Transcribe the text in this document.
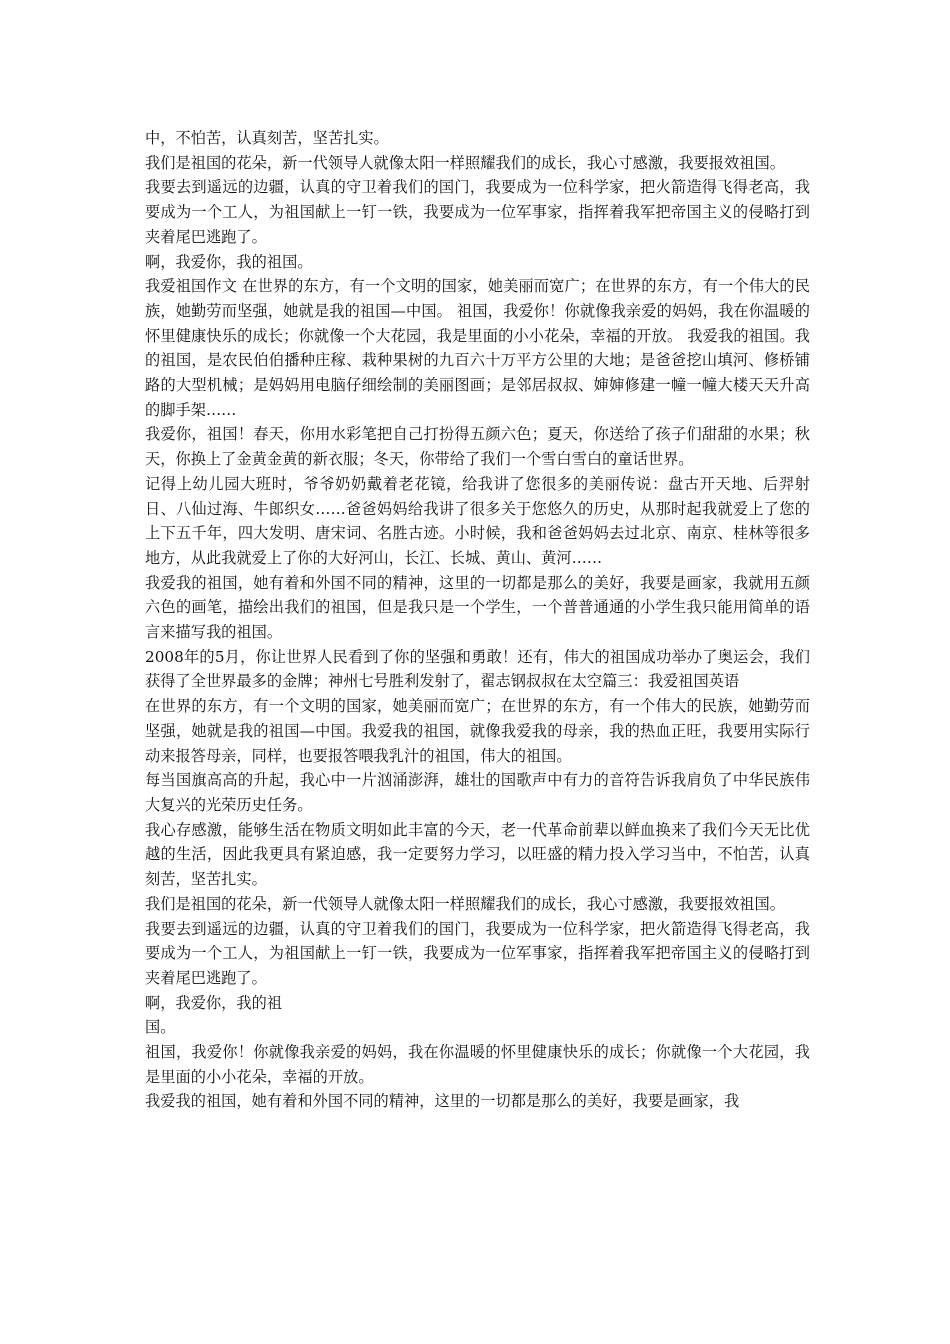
中，不怕苦，认真刻苦，坚苦扎实。

我们是祖国的花朵，新一代领导人就像太阳一样照耀我们的成长，我心寸感激，我要报效祖国。

我要去到遥远的边疆，认真的守卫着我们的国门，我要成为一位科学家，把火箭造得飞得老高，我要成为一个工人，为祖国献上一钉一铁，我要成为一位军事家，指挥着我军把帝国主义的侵略打到夹着尾巴逃跑了。

啊，我爱你，我的祖国。

我爱祖国作文 在世界的东方，有一个文明的国家，她美丽而宽广；在世界的东方，有一个伟大的民族，她勤劳而坚强，她就是我的祖国—中国。 祖国，我爱你！你就像我亲爱的妈妈，我在你温暖的怀里健康快乐的成长；你就像一个大花园，我是里面的小小花朵，幸福的开放。 我爱我的祖国。我的祖国，是农民伯伯播种庄稼、栽种果树的九百六十万平方公里的大地；是爸爸挖山填河、修桥铺路的大型机械；是妈妈用电脑仔细绘制的美丽图画；是邻居叔叔、婶婶修建一幢一幢大楼天天升高的脚手架……

我爱你，祖国！春天，你用水彩笔把自己打扮得五颜六色；夏天，你送给了孩子们甜甜的水果；秋天，你换上了金黄金黄的新衣服；冬天，你带给了我们一个雪白雪白的童话世界。

记得上幼儿园大班时，爷爷奶奶戴着老花镜，给我讲了您很多的美丽传说：盘古开天地、后羿射日、八仙过海、牛郎织女……爸爸妈妈给我讲了很多关于您悠久的历史，从那时起我就爱上了您的上下五千年，四大发明、唐宋词、名胜古迹。小时候，我和爸爸妈妈去过北京、南京、桂林等很多地方，从此我就爱上了你的大好河山，长江、长城、黄山、黄河……

我爱我的祖国，她有着和外国不同的精神，这里的一切都是那么的美好，我要是画家，我就用五颜六色的画笔，描绘出我们的祖国，但是我只是一个学生，一个普普通通的小学生我只能用简单的语言来描写我的祖国。

2008年的5月，你让世界人民看到了你的坚强和勇敢！还有，伟大的祖国成功举办了奥运会，我们获得了全世界最多的金牌；神州七号胜利发射了，翟志钢叔叔在太空篇三：我爱祖国英语

在世界的东方，有一个文明的国家，她美丽而宽广；在世界的东方，有一个伟大的民族，她勤劳而坚强，她就是我的祖国—中国。我爱我的祖国，就像我爱我的母亲，我的热血正旺，我要用实际行动来报答母亲，同样，也要报答喂我乳汁的祖国，伟大的祖国。

每当国旗高高的升起，我心中一片汹涌澎湃，雄壮的国歌声中有力的音符告诉我肩负了中华民族伟大复兴的光荣历史任务。

我心存感激，能够生活在物质文明如此丰富的今天，老一代革命前辈以鲜血换来了我们今天无比优越的生活，因此我更具有紧迫感，我一定要努力学习，以旺盛的精力投入学习当中，不怕苦，认真刻苦，坚苦扎实。

我们是祖国的花朵，新一代领导人就像太阳一样照耀我们的成长，我心寸感激，我要报效祖国。

我要去到遥远的边疆，认真的守卫着我们的国门，我要成为一位科学家，把火箭造得飞得老高，我要成为一个工人，为祖国献上一钉一铁，我要成为一位军事家，指挥着我军把帝国主义的侵略打到夹着尾巴逃跑了。

啊，我爱你，我的祖

国。

祖国，我爱你！你就像我亲爱的妈妈，我在你温暖的怀里健康快乐的成长；你就像一个大花园，我是里面的小小花朵，幸福的开放。

我爱我的祖国，她有着和外国不同的精神，这里的一切都是那么的美好，我要是画家，我
